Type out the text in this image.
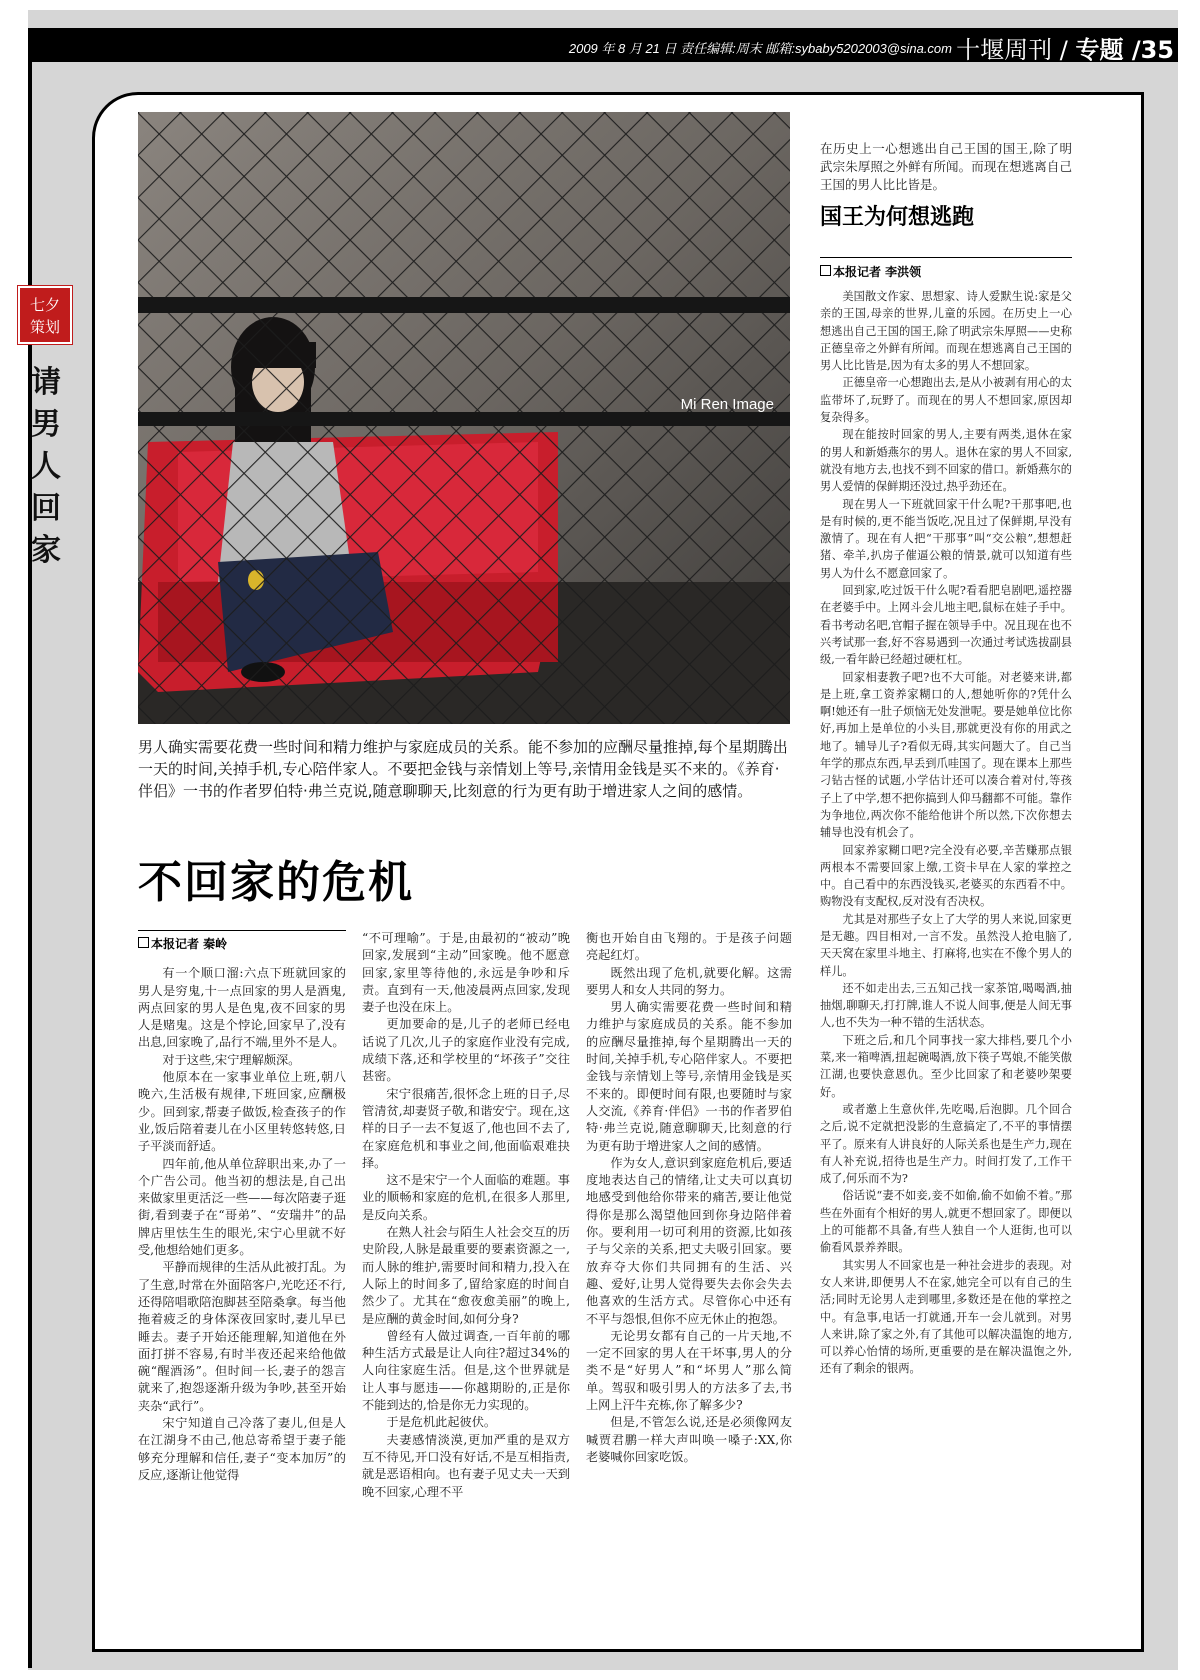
2009 年 8 月 21 日 责任编辑:周末 邮箱:sybaby5202003@sina.com 十堰周刊 / 专题 /35
七夕
策划
请
男
人
回
家
Mi Ren Image
男人确实需要花费一些时间和精力维护与家庭成员的关系。能不参加的应酬尽量推掉,每个星期腾出一天的时间,关掉手机,专心陪伴家人。不要把金钱与亲情划上等号,亲情用金钱是买不来的。《养育·伴侣》一书的作者罗伯特·弗兰克说,随意聊聊天,比刻意的行为更有助于增进家人之间的感情。
不回家的危机
本报记者 秦岭

有一个顺口溜:六点下班就回家的男人是穷鬼,十一点回家的男人是酒鬼,两点回家的男人是色鬼,夜不回家的男人是赌鬼。这是个悖论,回家早了,没有出息,回家晚了,品行不端,里外不是人。

对于这些,宋宁理解颇深。

他原本在一家事业单位上班,朝八晚六,生活极有规律,下班回家,应酬极少。回到家,帮妻子做饭,检查孩子的作业,饭后陪着妻儿在小区里转悠转悠,日子平淡而舒适。

四年前,他从单位辞职出来,办了一个广告公司。他当初的想法是,自己出来做家里更活泛一些——每次陪妻子逛街,看到妻子在“哥弟”、“安瑞井”的品牌店里怯生生的眼光,宋宁心里就不好受,他想给她们更多。

平静而规律的生活从此被打乱。为了生意,时常在外面陪客户,光吃还不行,还得陪唱歌陪泡脚甚至陪桑拿。每当他拖着疲乏的身体深夜回家时,妻儿早已睡去。妻子开始还能理解,知道他在外面打拼不容易,有时半夜还起来给他做碗“醒酒汤”。但时间一长,妻子的怨言就来了,抱怨逐渐升级为争吵,甚至开始夹杂“武行”。

宋宁知道自己冷落了妻儿,但是人在江湖身不由己,他总寄希望于妻子能够充分理解和信任,妻子“变本加厉”的反应,逐渐让他觉得

“不可理喻”。于是,由最初的“被动”晚回家,发展到“主动”回家晚。他不愿意回家,家里等待他的,永远是争吵和斥责。直到有一天,他凌晨两点回家,发现妻子也没在床上。

更加要命的是,儿子的老师已经电话说了几次,儿子的家庭作业没有完成,成绩下落,还和学校里的“坏孩子”交往甚密。

宋宁很痛苦,很怀念上班的日子,尽管清贫,却妻贤子敬,和谐安宁。现在,这样的日子一去不复返了,他也回不去了,在家庭危机和事业之间,他面临艰难抉择。

这不是宋宁一个人面临的难题。事业的顺畅和家庭的危机,在很多人那里,是反向关系。

在熟人社会与陌生人社会交互的历史阶段,人脉是最重要的要素资源之一,而人脉的维护,需要时间和精力,投入在人际上的时间多了,留给家庭的时间自然少了。尤其在“愈夜愈美丽”的晚上,是应酬的黄金时间,如何分身?

曾经有人做过调查,一百年前的哪种生活方式最是让人向往?超过34%的人向往家庭生活。但是,这个世界就是让人事与愿违——你越期盼的,正是你不能到达的,恰是你无力实现的。

于是危机此起彼伏。

夫妻感情淡漠,更加严重的是双方互不待见,开口没有好话,不是互相指责,就是恶语相向。也有妻子见丈夫一天到晚不回家,心理不平

衡也开始自由飞翔的。于是孩子问题亮起红灯。

既然出现了危机,就要化解。这需要男人和女人共同的努力。

男人确实需要花费一些时间和精力维护与家庭成员的关系。能不参加的应酬尽量推掉,每个星期腾出一天的时间,关掉手机,专心陪伴家人。不要把金钱与亲情划上等号,亲情用金钱是买不来的。即便时间有限,也要随时与家人交流,《养育·伴侣》一书的作者罗伯特·弗兰克说,随意聊聊天,比刻意的行为更有助于增进家人之间的感情。

作为女人,意识到家庭危机后,要适度地表达自己的情绪,让丈夫可以真切地感受到他给你带来的痛苦,要让他觉得你是那么渴望他回到你身边陪伴着你。要利用一切可利用的资源,比如孩子与父亲的关系,把丈夫吸引回家。要放弃夺大你们共同拥有的生活、兴趣、爱好,让男人觉得要失去你会失去他喜欢的生活方式。尽管你心中还有不平与怨恨,但你不应无休止的抱怨。

无论男女都有自己的一片天地,不一定不回家的男人在干坏事,男人的分类不是“好男人”和“坏男人”那么简单。驾驭和吸引男人的方法多了去,书上网上汗牛充栋,你了解多少?

但是,不管怎么说,还是必须像网友喊贾君鹏一样大声叫唤一嗓子:XX,你老婆喊你回家吃饭。

在历史上一心想逃出自己王国的国王,除了明武宗朱厚照之外鲜有所闻。而现在想逃离自己王国的男人比比皆是。
国王为何想逃跑
本报记者 李洪领

美国散文作家、思想家、诗人爱默生说:家是父亲的王国,母亲的世界,儿童的乐园。在历史上一心想逃出自己王国的国王,除了明武宗朱厚照——史称正德皇帝之外鲜有所闻。而现在想逃离自己王国的男人比比皆是,因为有太多的男人不想回家。

正德皇帝一心想跑出去,是从小被剥有用心的太监带坏了,玩野了。而现在的男人不想回家,原因却复杂得多。

现在能按时回家的男人,主要有两类,退休在家的男人和新婚燕尔的男人。退休在家的男人不回家,就没有地方去,也找不到不回家的借口。新婚燕尔的男人爱情的保鲜期还没过,热乎劲还在。

现在男人一下班就回家干什么呢?干那事吧,也是有时候的,更不能当饭吃,况且过了保鲜期,早没有激情了。现在有人把“干那事”叫“交公粮”,想想赶猪、牵羊,扒房子催逼公粮的情景,就可以知道有些男人为什么不愿意回家了。

回到家,吃过饭干什么呢?看看肥皂剧吧,遥控器在老婆手中。上网斗会儿地主吧,鼠标在娃子手中。看书考动名吧,官帽子握在领导手中。况且现在也不兴考试那一套,好不容易遇到一次通过考试选拔副县级,一看年龄已经超过硬杠杠。

回家相妻教子吧?也不大可能。对老婆来讲,都是上班,拿工资养家糊口的人,想她听你的?凭什么啊!她还有一肚子烦恼无处发泄呢。要是她单位比你好,再加上是单位的小头目,那就更没有你的用武之地了。辅导儿子?看似无碍,其实问题大了。自己当年学的那点东西,早丢到爪哇国了。现在课本上那些刁钻古怪的试题,小学估计还可以凑合着对付,等孩子上了中学,想不把你搞到人仰马翻都不可能。靠作为争地位,两次你不能给他讲个所以然,下次你想去辅导也没有机会了。

回家养家糊口吧?完全没有必要,辛苦赚那点银两根本不需要回家上缴,工资卡早在人家的掌控之中。自己看中的东西没钱买,老婆买的东西看不中。购物没有支配权,反对没有否决权。

尤其是对那些子女上了大学的男人来说,回家更是无趣。四目相对,一言不发。虽然没人抢电脑了,天天窝在家里斗地主、打麻将,也实在不像个男人的样儿。

还不如走出去,三五知己找一家茶馆,喝喝酒,抽抽烟,聊聊天,打打牌,谁人不说人间事,便是人间无事人,也不失为一种不错的生活状态。

下班之后,和几个同事找一家大排档,要几个小菜,来一箱啤酒,扭起碗喝酒,放下筷子骂娘,不能笑傲江湖,也要快意恩仇。至少比回家了和老婆吵架要好。

或者邀上生意伙伴,先吃喝,后泡脚。几个回合之后,说不定就把没影的生意搞定了,不平的事情摆平了。原来有人讲良好的人际关系也是生产力,现在有人补充说,招待也是生产力。时间打发了,工作干成了,何乐而不为?

俗话说“妻不如妾,妾不如偷,偷不如偷不着。”那些在外面有个相好的男人,就更不想回家了。即便以上的可能都不具备,有些人独自一个人逛街,也可以偷看风景养养眼。

其实男人不回家也是一种社会进步的表现。对女人来讲,即便男人不在家,她完全可以有自己的生活;同时无论男人走到哪里,多数还是在他的掌控之中。有急事,电话一打就通,开车一会儿就到。对男人来讲,除了家之外,有了其他可以解决温饱的地方,可以养心怡情的场所,更重要的是在解决温饱之外,还有了剩余的银两。
